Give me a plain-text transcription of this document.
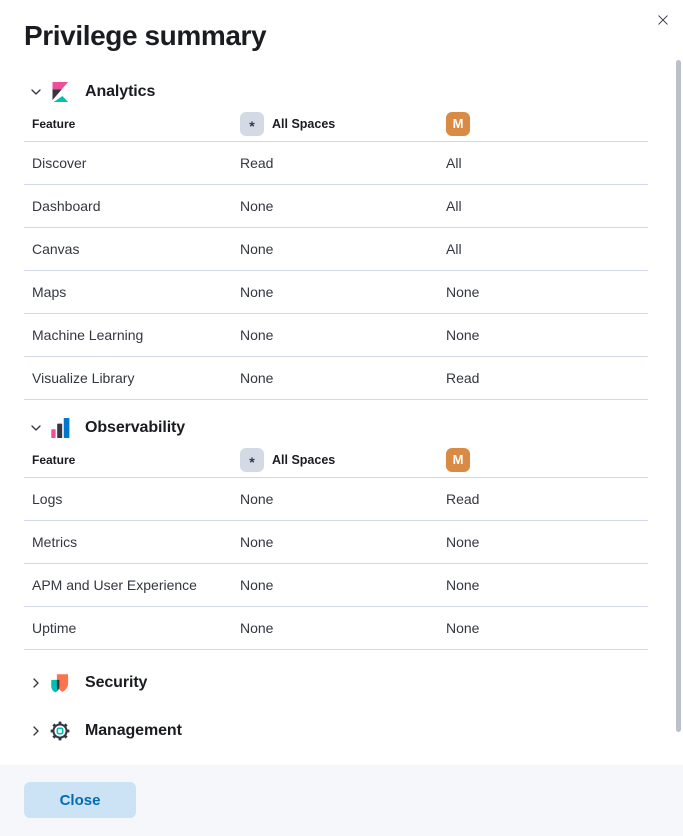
Privilege summary
Analytics
Feature	* All Spaces	M
Discover	Read	All
Dashboard	None	All
Canvas	None	All
Maps	None	None
Machine Learning	None	None
Visualize Library	None	Read
Observability
Feature	* All Spaces	M
Logs	None	Read
Metrics	None	None
APM and User Experience	None	None
Uptime	None	None
Security
Management
Close
